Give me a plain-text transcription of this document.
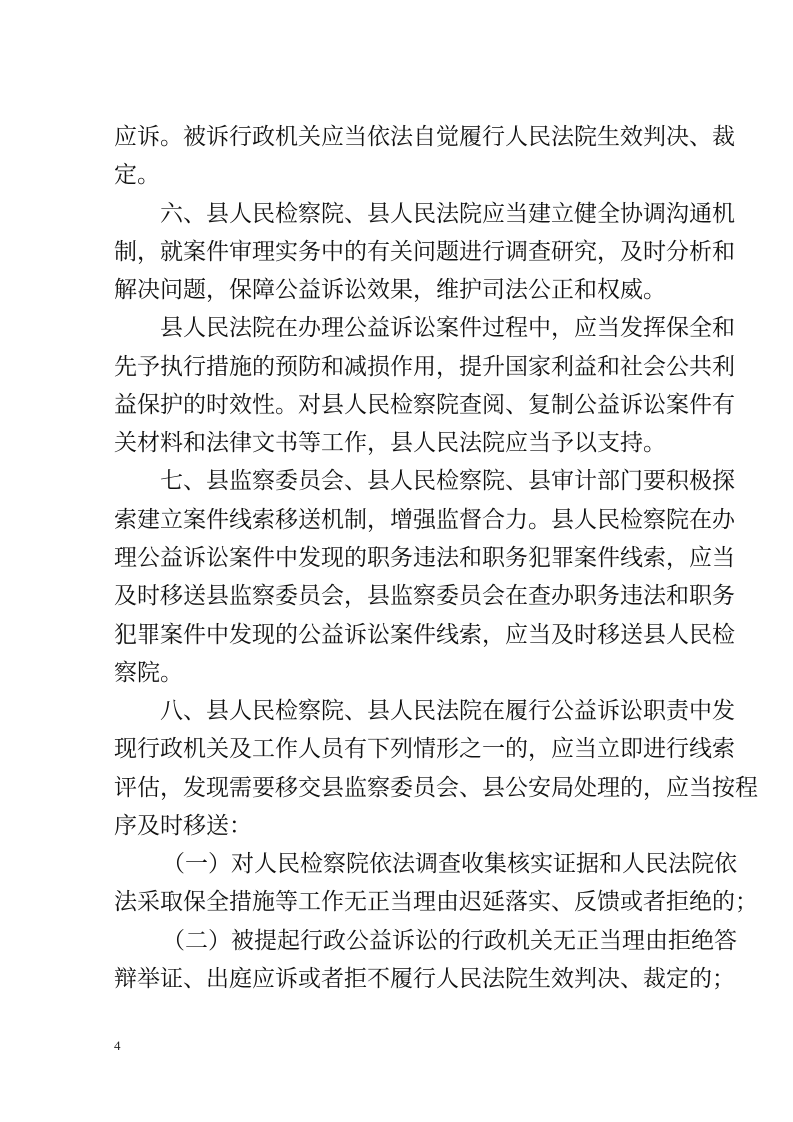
应诉。被诉行政机关应当依法自觉履行人民法院生效判决、裁
定。
六、县人民检察院、县人民法院应当建立健全协调沟通机
制，就案件审理实务中的有关问题进行调查研究，及时分析和
解决问题，保障公益诉讼效果，维护司法公正和权威。
县人民法院在办理公益诉讼案件过程中，应当发挥保全和
先予执行措施的预防和减损作用，提升国家利益和社会公共利
益保护的时效性。对县人民检察院查阅、复制公益诉讼案件有
关材料和法律文书等工作，县人民法院应当予以支持。
七、县监察委员会、县人民检察院、县审计部门要积极探
索建立案件线索移送机制，增强监督合力。县人民检察院在办
理公益诉讼案件中发现的职务违法和职务犯罪案件线索，应当
及时移送县监察委员会，县监察委员会在查办职务违法和职务
犯罪案件中发现的公益诉讼案件线索，应当及时移送县人民检
察院。
八、县人民检察院、县人民法院在履行公益诉讼职责中发
现行政机关及工作人员有下列情形之一的，应当立即进行线索
评估，发现需要移交县监察委员会、县公安局处理的，应当按程
序及时移送：
（一）对人民检察院依法调查收集核实证据和人民法院依
法采取保全措施等工作无正当理由迟延落实、反馈或者拒绝的；
（二）被提起行政公益诉讼的行政机关无正当理由拒绝答
辩举证、出庭应诉或者拒不履行人民法院生效判决、裁定的；
4
